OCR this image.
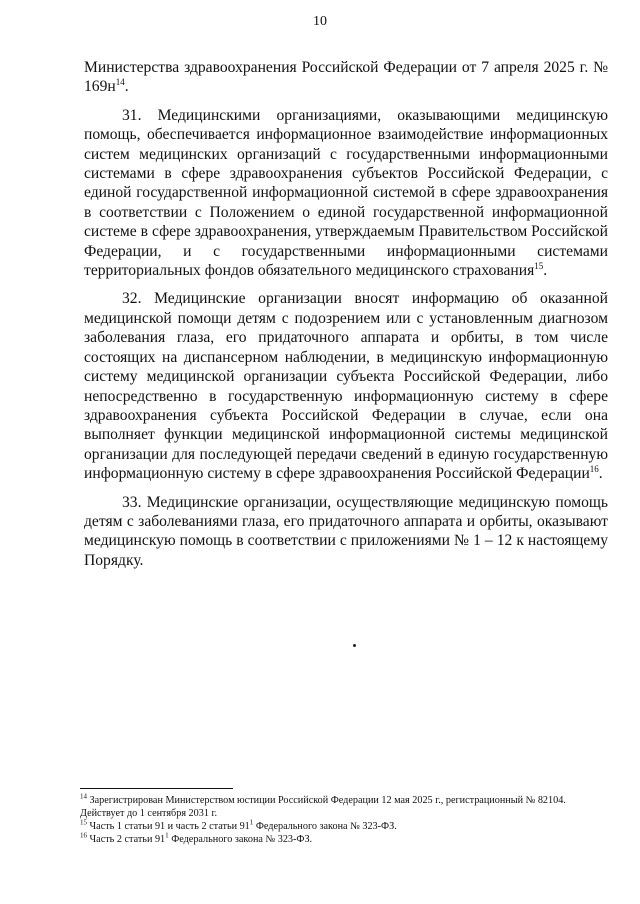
10

Министерства здравоохранения Российской Федерации от 7 апреля 2025 г. № $169н^{14}$.

31. Медицинскими организациями, оказывающими медицинскую помощь, обеспечивается информационное взаимодействие информационных систем медицинских организаций с государственными информационными системами в сфере здравоохранения субъектов Российской Федерации, с единой государственной информационной системой в сфере здравоохранения в соответствии с Положением о единой государственной информационной системе в сфере здравоохранения, утверждаемым Правительством Российской Федерации, и с государственными информационными системами территориальных фондов обязательного медицинского страхования$^{15}$.

32. Медицинские организации вносят информацию об оказанной медицинской помощи детям с подозрением или с установленным диагнозом заболевания глаза, его придаточного аппарата и орбиты, в том числе состоящих на диспансерном наблюдении, в медицинскую информационную систему медицинской организации субъекта Российской Федерации, либо непосредственно в государственную информационную систему в сфере здравоохранения субъекта Российской Федерации в случае, если она выполняет функции медицинской информационной системы медицинской организации для последующей передачи сведений в единую государственную информационную систему в сфере здравоохранения Российской Федерации$^{16}$.

33. Медицинские организации, осуществляющие медицинскую помощь детям с заболеваниями глаза, его придаточного аппарата и орбиты, оказывают медицинскую помощь в соответствии с приложениями № 1 – 12 к настоящему Порядку.

$^{14}$ Зарегистрирован Министерством юстиции Российской Федерации 12 мая 2025 г., регистрационный № 82104. Действует до 1 сентября 2031 г.

$^{15}$ Часть 1 статьи 91 и часть 2 статьи $91^1$ Федерального закона № 323-ФЗ.

$^{16}$ Часть 2 статьи $91^1$ Федерального закона № 323-ФЗ.
